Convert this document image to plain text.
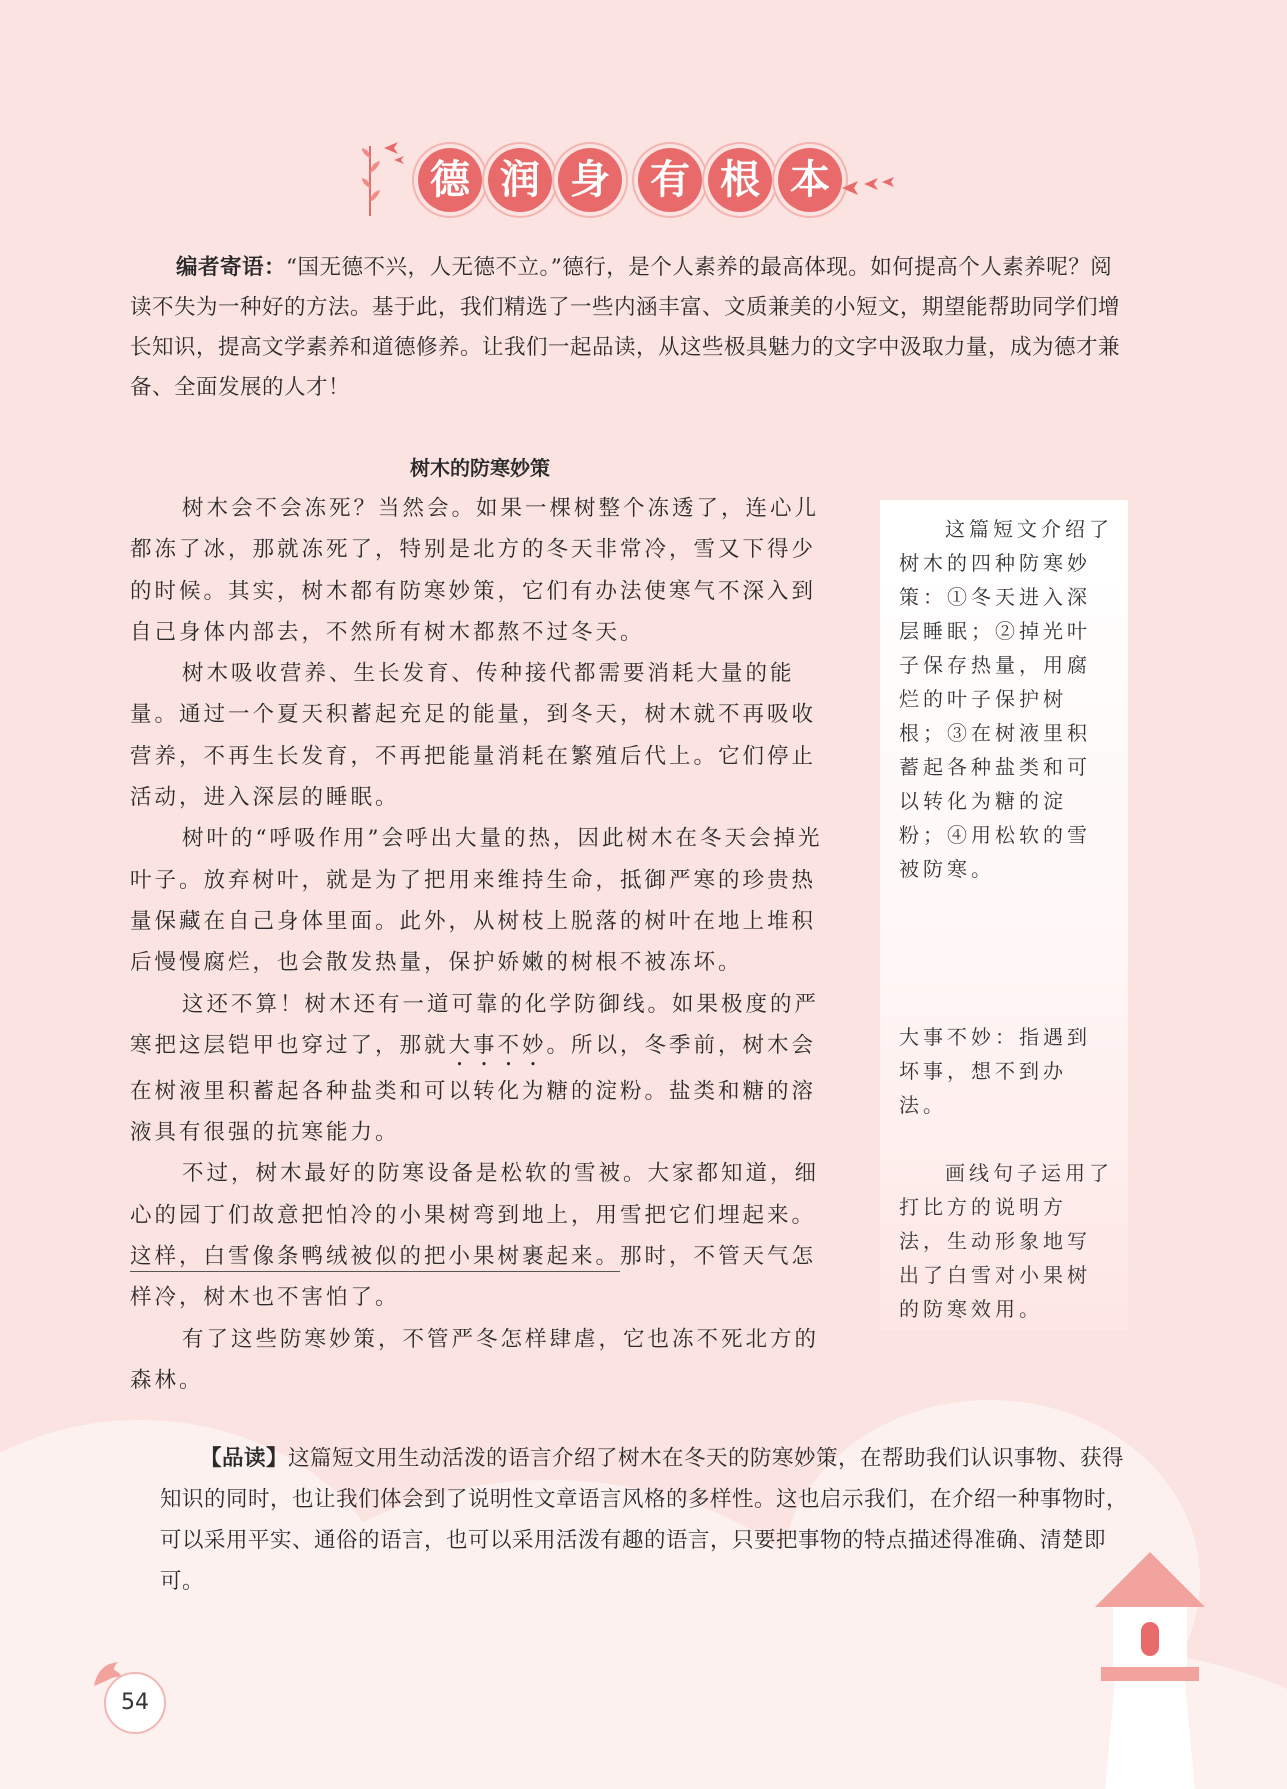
德 润 身	有 根 本
编者寄语：“国无德不兴，人无德不立。”德行，是个人素养的最高体现。如何提高个人素养呢？阅读不失为一种好的方法。基于此，我们精选了一些内涵丰富、文质兼美的小短文，期望能帮助同学们增长知识，提高文学素养和道德修养。让我们一起品读，从这些极具魅力的文字中汲取力量，成为德才兼备、全面发展的人才！
树木的防寒妙策
这篇短文介绍了树木的四种防寒妙策：①冬天进入深层睡眠；②掉光叶子保存热量，用腐烂的叶子保护树根；③在树液里积蓄起各种盐类和可以转化为糖的淀粉；④用松软的雪被防寒。
大事不妙：指遇到坏事，想不到办法。
画线句子运用了打比方的说明方法，生动形象地写出了白雪对小果树的防寒效用。

树木会不会冻死？当然会。如果一棵树整个冻透了，连心儿都冻了冰，那就冻死了，特别是北方的冬天非常冷，雪又下得少的时候。其实，树木都有防寒妙策，它们有办法使寒气不深入到自己身体内部去，不然所有树木都熬不过冬天。

树木吸收营养、生长发育、传种接代都需要消耗大量的能量。通过一个夏天积蓄起充足的能量，到冬天，树木就不再吸收营养，不再生长发育，不再把能量消耗在繁殖后代上。它们停止活动，进入深层的睡眠。

树叶的“呼吸作用”会呼出大量的热，因此树木在冬天会掉光叶子。放弃树叶，就是为了把用来维持生命，抵御严寒的珍贵热量保藏在自己身体里面。此外，从树枝上脱落的树叶在地上堆积后慢慢腐烂，也会散发热量，保护娇嫩的树根不被冻坏。

这还不算！树木还有一道可靠的化学防御线。如果极度的严寒把这层铠甲也穿过了，那就大事不妙。所以，冬季前，树木会在树液里积蓄起各种盐类和可以转化为糖的淀粉。盐类和糖的溶液具有很强的抗寒能力。

不过，树木最好的防寒设备是松软的雪被。大家都知道，细心的园丁们故意把怕冷的小果树弯到地上，用雪把它们埋起来。这样，白雪像条鸭绒被似的把小果树裹起来。那时，不管天气怎样冷，树木也不害怕了。

有了这些防寒妙策，不管严冬怎样肆虐，它也冻不死北方的森林。

【品读】这篇短文用生动活泼的语言介绍了树木在冬天的防寒妙策，在帮助我们认识事物、获得知识的同时，也让我们体会到了说明性文章语言风格的多样性。这也启示我们，在介绍一种事物时，可以采用平实、通俗的语言，也可以采用活泼有趣的语言，只要把事物的特点描述得准确、清楚即可。
54
